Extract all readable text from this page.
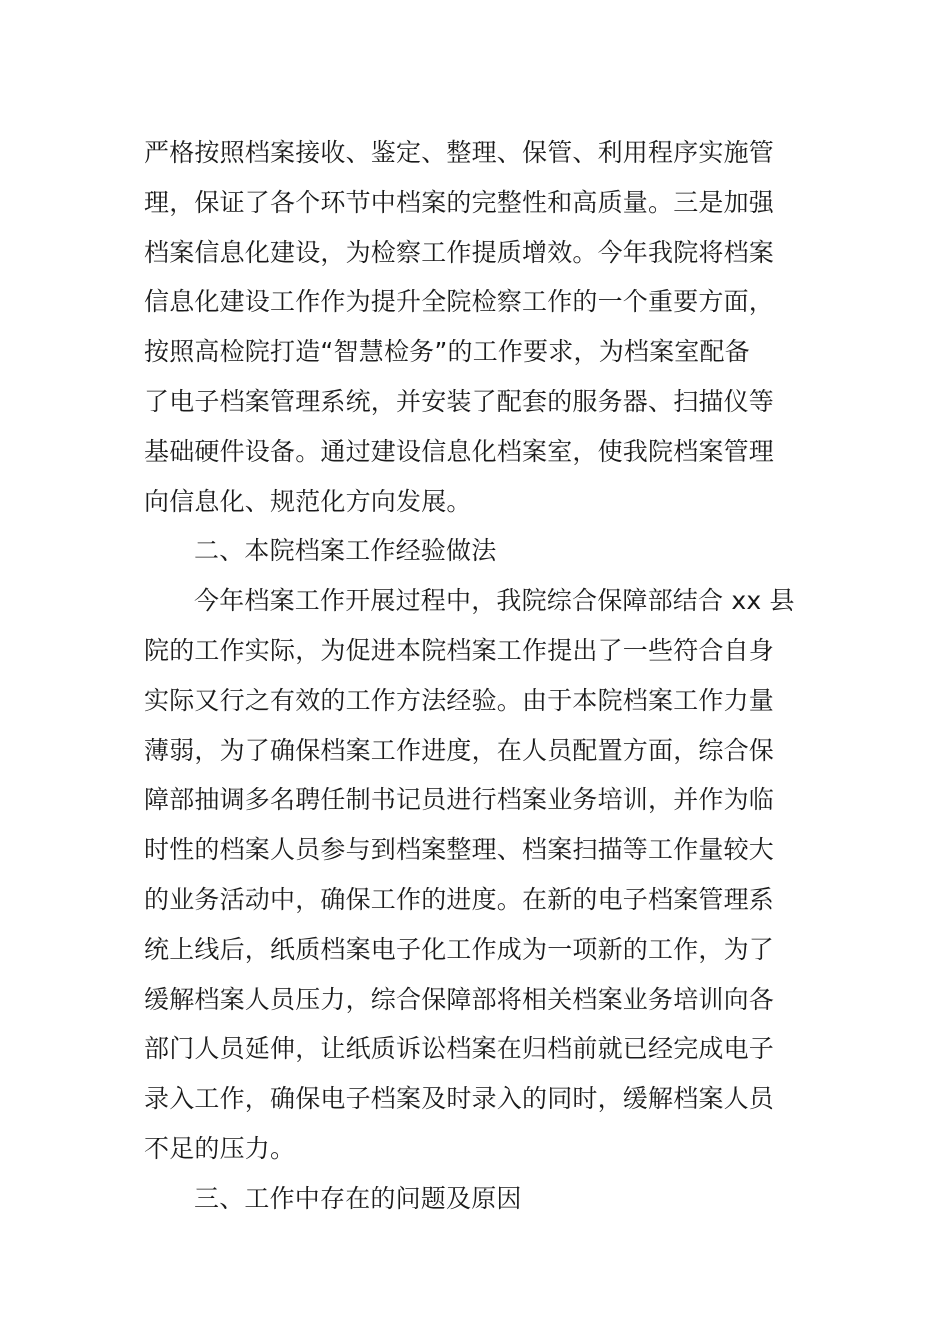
严格按照档案接收、鉴定、整理、保管、利用程序实施管
理，保证了各个环节中档案的完整性和高质量。三是加强
档案信息化建设，为检察工作提质增效。今年我院将档案
信息化建设工作作为提升全院检察工作的一个重要方面，
按照高检院打造“智慧检务”的工作要求，为档案室配备
了电子档案管理系统，并安装了配套的服务器、扫描仪等
基础硬件设备。通过建设信息化档案室，使我院档案管理
向信息化、规范化方向发展。
二、本院档案工作经验做法
今年档案工作开展过程中，我院综合保障部结合 xx 县
院的工作实际，为促进本院档案工作提出了一些符合自身
实际又行之有效的工作方法经验。由于本院档案工作力量
薄弱，为了确保档案工作进度，在人员配置方面，综合保
障部抽调多名聘任制书记员进行档案业务培训，并作为临
时性的档案人员参与到档案整理、档案扫描等工作量较大
的业务活动中，确保工作的进度。在新的电子档案管理系
统上线后，纸质档案电子化工作成为一项新的工作，为了
缓解档案人员压力，综合保障部将相关档案业务培训向各
部门人员延伸，让纸质诉讼档案在归档前就已经完成电子
录入工作，确保电子档案及时录入的同时，缓解档案人员
不足的压力。
三、工作中存在的问题及原因
